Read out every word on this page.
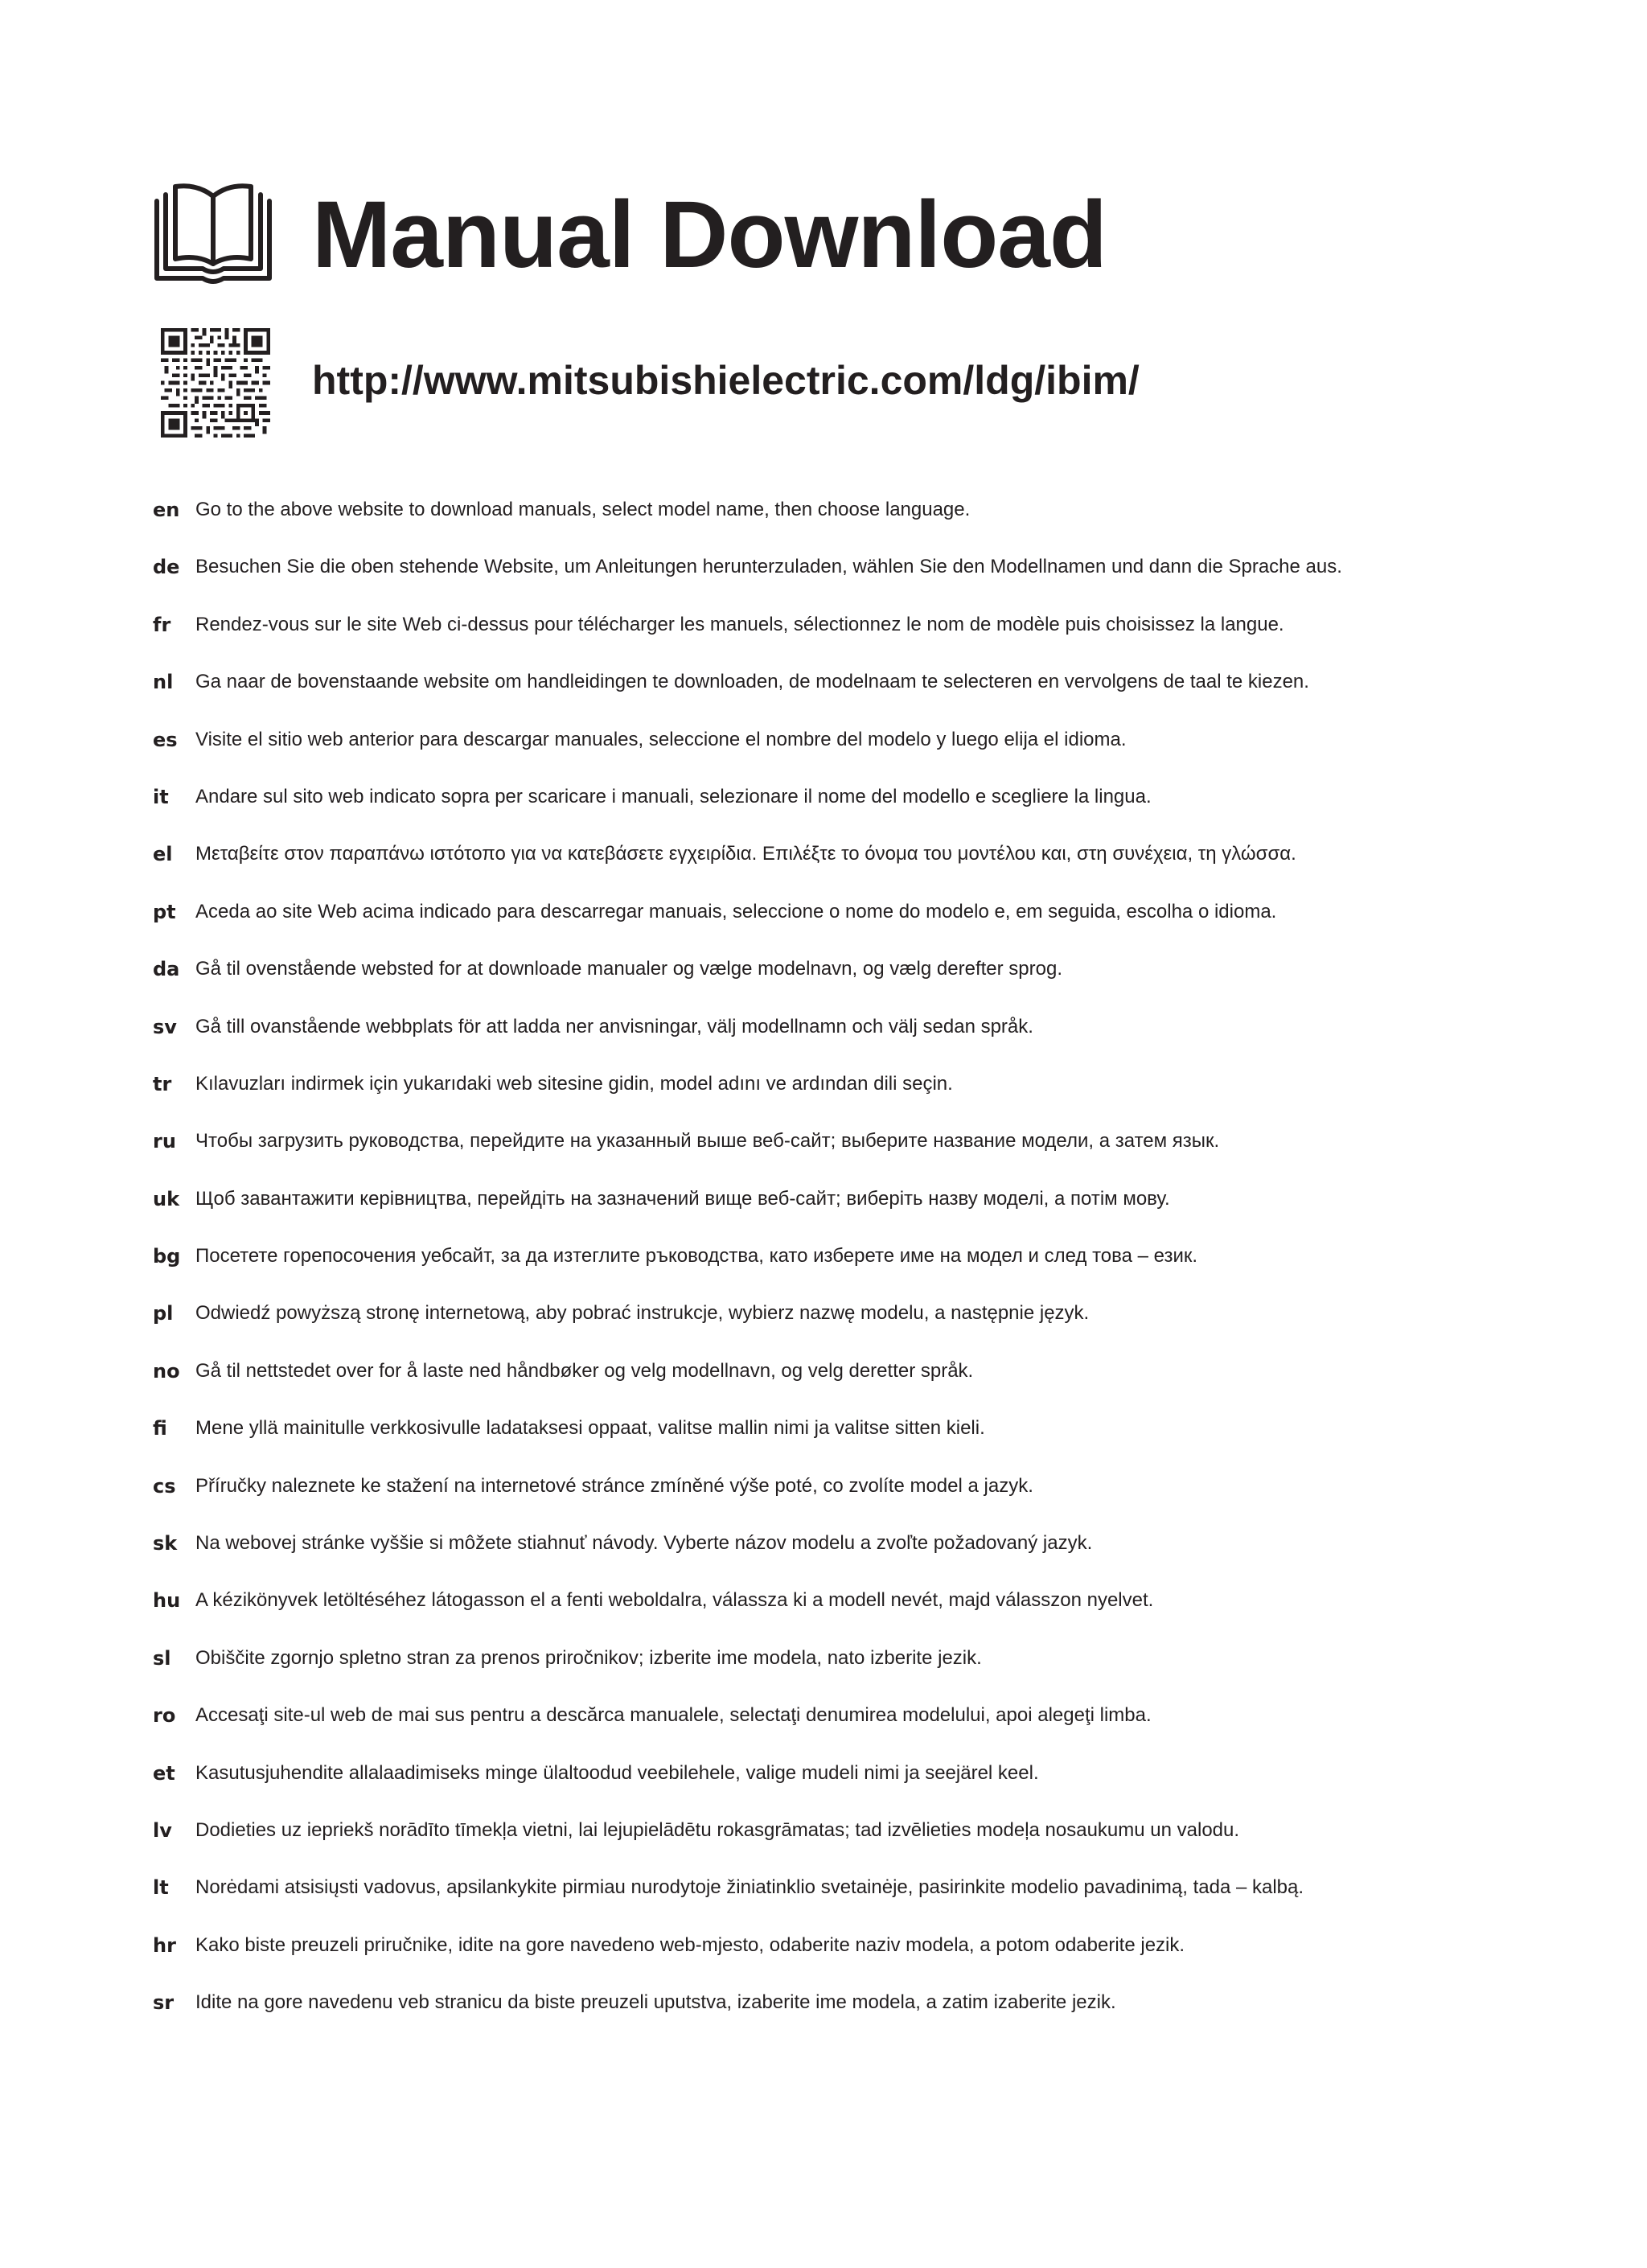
Manual Download

http://www.mitsubishielectric.com/ldg/ibim/

en Go to the above website to download manuals, select model name, then choose language.
de Besuchen Sie die oben stehende Website, um Anleitungen herunterzuladen, wählen Sie den Modellnamen und dann die Sprache aus.
fr	Rendez-vous sur le site Web ci-dessus pour télécharger les manuels, sélectionnez le nom de modèle puis choisissez la langue.
nl	Ga naar de bovenstaande website om handleidingen te downloaden, de modelnaam te selecteren en vervolgens de taal te kiezen.
es Visite el sitio web anterior para descargar manuales, seleccione el nombre del modelo y luego elija el idioma.
it	Andare sul sito web indicato sopra per scaricare i manuali, selezionare il nome del modello e scegliere la lingua.
el	Μεταβείτε στον παραπάνω ιστότοπο για να κατεβάσετε εγχειρίδια. Επιλέξτε το όνομα του μοντέλου και, στη συνέχεια, τη γλώσσα.
pt	Aceda ao site Web acima indicado para descarregar manuais, seleccione o nome do modelo e, em seguida, escolha o idioma.
da Gå til ovenstående websted for at downloade manualer og vælge modelnavn, og vælg derefter sprog.
sv Gå till ovanstående webbplats för att ladda ner anvisningar, välj modellnamn och välj sedan språk.
tr	Kılavuzları indirmek için yukarıdaki web sitesine gidin, model adını ve ardından dili seçin.
ru	Чтобы загрузить руководства, перейдите на указанный выше веб-сайт; выберите название модели, а затем язык.
uk Щоб завантажити керівництва, перейдіть на зазначений вище веб-сайт; виберіть назву моделі, а потім мову.
bg Посетете горепосочения уебсайт, за да изтеглите ръководства, като изберете име на модел и след това – език.
pl	Odwiedź powyższą stronę internetową, aby pobrać instrukcje, wybierz nazwę modelu, a następnie język.
no Gå til nettstedet over for å laste ned håndbøker og velg modellnavn, og velg deretter språk.
fi	Mene yllä mainitulle verkkosivulle ladataksesi oppaat, valitse mallin nimi ja valitse sitten kieli.
cs	Příručky naleznete ke stažení na internetové stránce zmíněné výše poté, co zvolíte model a jazyk.
sk Na webovej stránke vyššie si môžete stiahnuť návody. Vyberte názov modelu a zvoľte požadovaný jazyk.
hu A kézikönyvek letöltéséhez látogasson el a fenti weboldalra, válassza ki a modell nevét, majd válasszon nyelvet.
sl	Obiščite zgornjo spletno stran za prenos priročnikov; izberite ime modela, nato izberite jezik.
ro	Accesaţi site-ul web de mai sus pentru a descărca manualele, selectaţi denumirea modelului, apoi alegeţi limba.
et	Kasutusjuhendite allalaadimiseks minge ülaltoodud veebilehele, valige mudeli nimi ja seejärel keel.
lv	Dodieties uz iepriekš norādīto tīmekļa vietni, lai lejupielādētu rokasgrāmatas; tad izvēlieties modeļa nosaukumu un valodu.
lt	Norėdami atsisiųsti vadovus, apsilankykite pirmiau nurodytoje žiniatinklio svetainėje, pasirinkite modelio pavadinimą, tada – kalbą.
hr	Kako biste preuzeli priručnike, idite na gore navedeno web-mjesto, odaberite naziv modela, a potom odaberite jezik.
sr	Idite na gore navedenu veb stranicu da biste preuzeli uputstva, izaberite ime modela, a zatim izaberite jezik.
